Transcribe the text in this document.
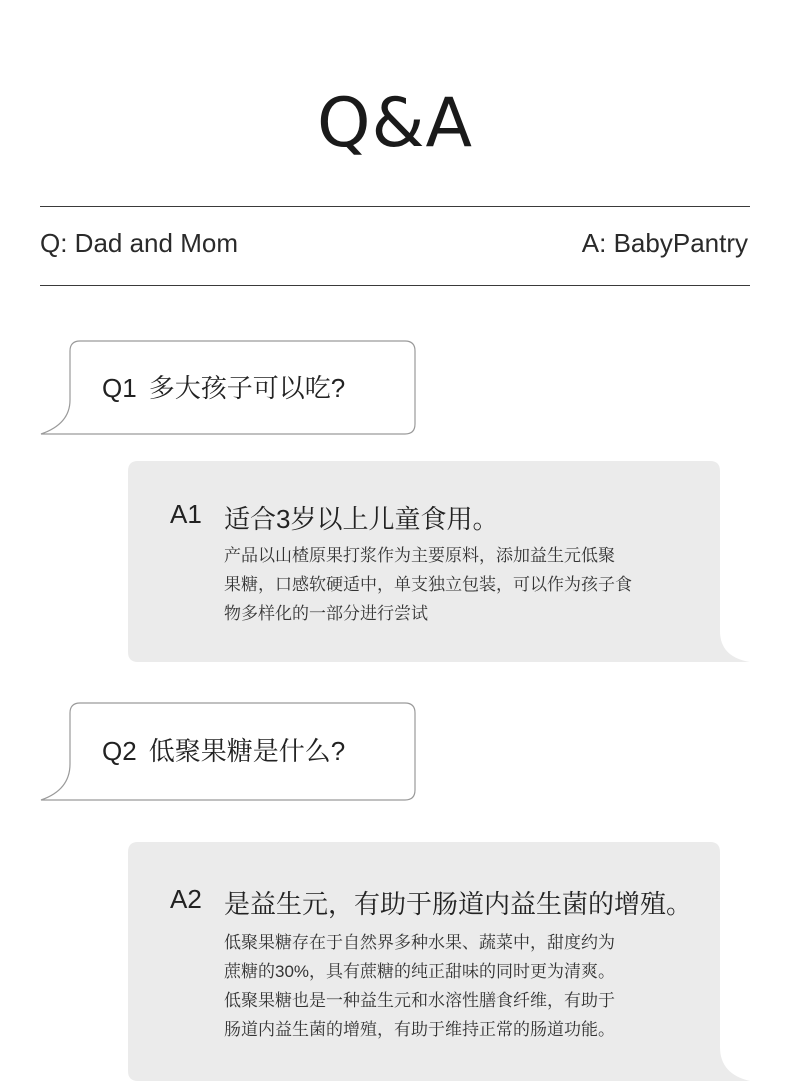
Q&A
Q: Dad and Mom	A: BabyPantry
Q1 多大孩子可以吃?
A1 适合3岁以上儿童食用。
产品以山楂原果打浆作为主要原料，添加益生元低聚
果糖，口感软硬适中，单支独立包装，可以作为孩子食
物多样化的一部分进行尝试
Q2 低聚果糖是什么?
A2 是益生元，有助于肠道内益生菌的增殖。
低聚果糖存在于自然界多种水果、蔬菜中，甜度约为
蔗糖的30%，具有蔗糖的纯正甜味的同时更为清爽。
低聚果糖也是一种益生元和水溶性膳食纤维，有助于
肠道内益生菌的增殖，有助于维持正常的肠道功能。
